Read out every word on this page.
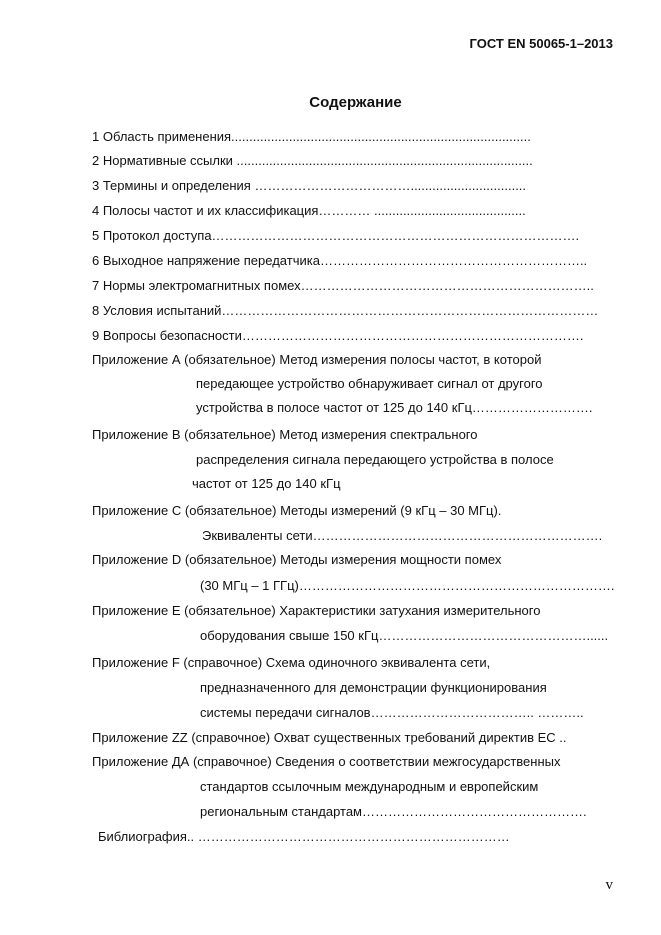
ГОСТ EN 50065-1–2013
Содержание
1 Область применения...................................................................................
2 Нормативные ссылки ..................................................................................
3 Термины и определения ………………………………................................
4 Полосы частот и их классификация………… ..........................................
5 Протокол доступа………………………………………………………………………….
6 Выходное напряжение передатчика……………………………………………………..
7 Нормы электромагнитных помех…………………………………………………………..
8 Условия испытаний……………………………………………………………………………
9 Вопросы безопасности…………………………………………………………………….
Приложение А (обязательное) Метод измерения полосы частот, в которой
передающее устройство обнаруживает сигнал от другого
устройства в полосе частот от 125 до 140 кГц……………………….
Приложение В (обязательное) Метод измерения спектрального
распределения сигнала передающего устройства в полосе
частот от 125 до 140 кГц
Приложение С (обязательное) Методы измерений (9 кГц – 30 МГц).
Эквиваленты сети………………………………………………………….
Приложение D (обязательное) Методы измерения мощности помех
(30 МГц – 1 ГГц)……………………………………………………………….
Приложение Е (обязательное) Характеристики затухания измерительного
оборудования свыше 150 кГц…………………………………………......
Приложение F (справочное) Схема одиночного эквивалента сети,
предназначенного для демонстрации функционирования
системы передачи сигналов……………………………….. ………..
Приложение ZZ (справочное) Охват существенных требований директив ЕС ..
Приложение ДА (справочное) Сведения о соответствии межгосударственных
стандартов ссылочным международным и европейским
региональным стандартам…………………………………………….
Библиография.. ………………………………………………………………
v
